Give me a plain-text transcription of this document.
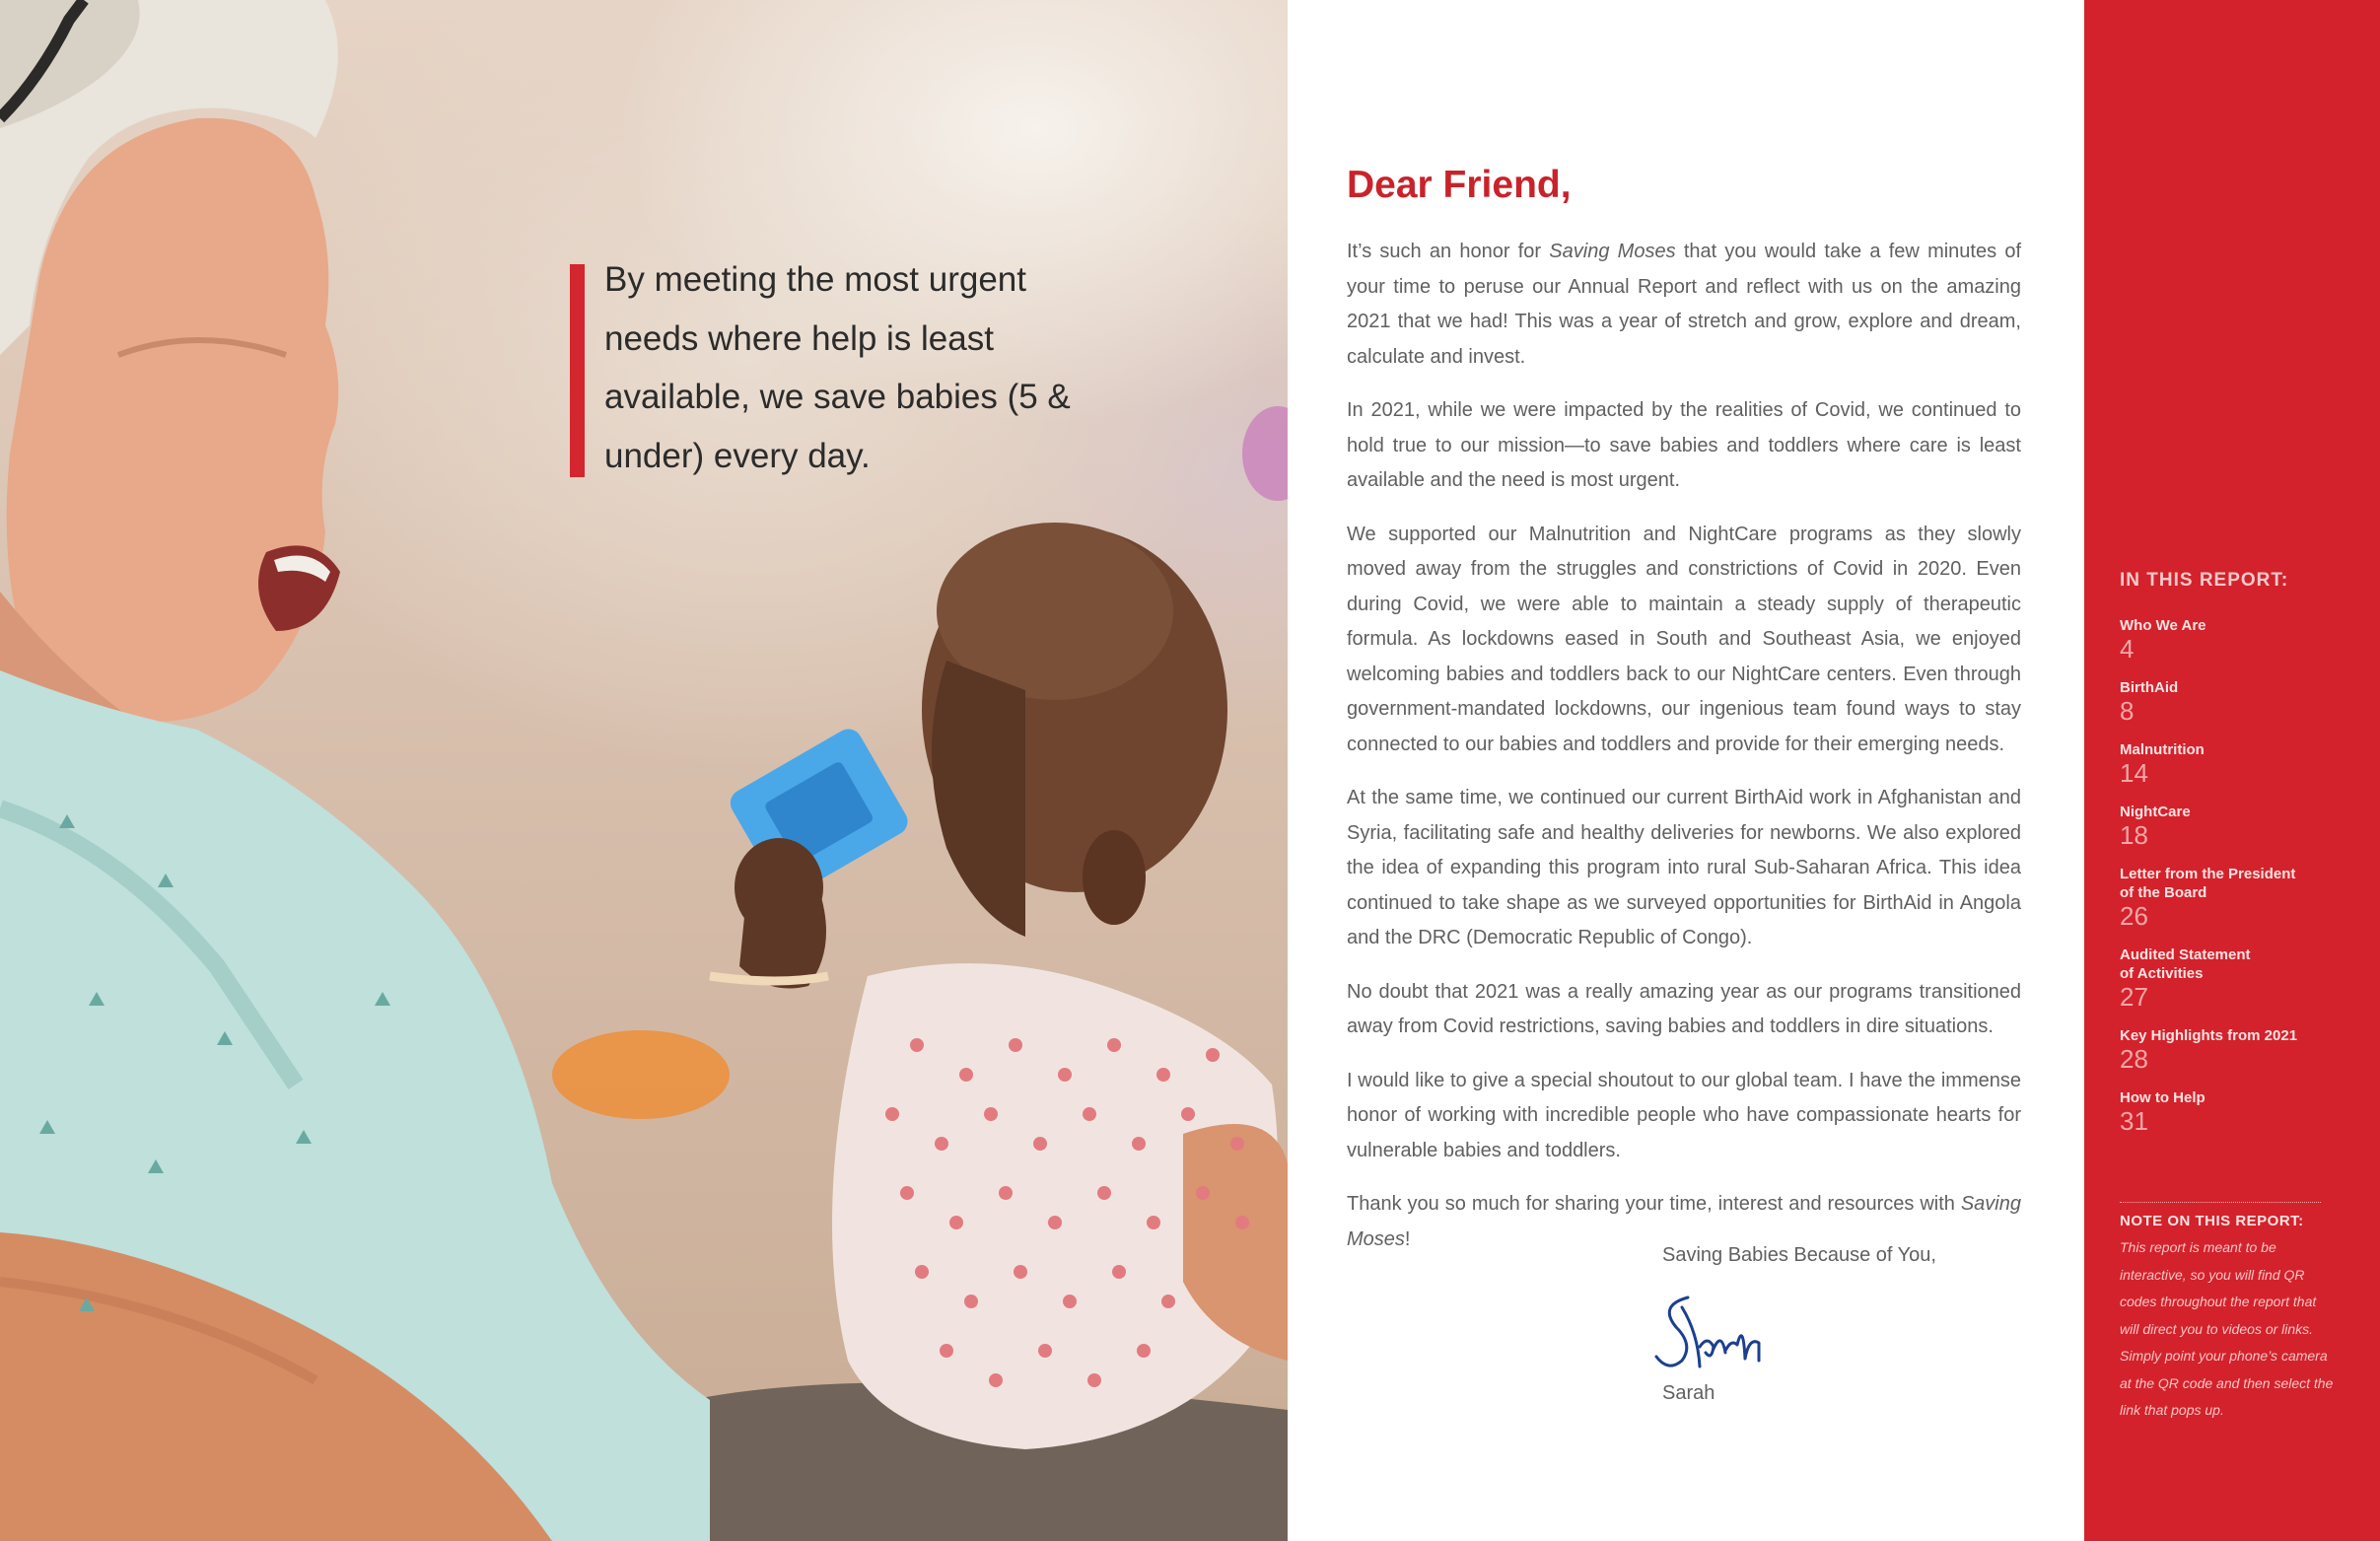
By meeting the most urgent needs where help is least available, we save babies (5 & under) every day.
Dear Friend,

It’s such an honor for Saving Moses that you would take a few minutes of your time to peruse our Annual Report and reflect with us on the amazing 2021 that we had! This was a year of stretch and grow, explore and dream, calculate and invest.

In 2021, while we were impacted by the realities of Covid, we continued to hold true to our mission—to save babies and toddlers where care is least available and the need is most urgent.

We supported our Malnutrition and NightCare programs as they slowly moved away from the struggles and constrictions of Covid in 2020. Even during Covid, we were able to maintain a steady supply of therapeutic formula. As lockdowns eased in South and Southeast Asia, we enjoyed welcoming babies and toddlers back to our NightCare centers. Even through government-mandated lockdowns, our ingenious team found ways to stay connected to our babies and toddlers and provide for their emerging needs.

At the same time, we continued our current BirthAid work in Afghanistan and Syria, facilitating safe and healthy deliveries for newborns. We also explored the idea of expanding this program into rural Sub-Saharan Africa. This idea continued to take shape as we surveyed opportunities for BirthAid in Angola and the DRC (Democratic Republic of Congo).

No doubt that 2021 was a really amazing year as our programs transitioned away from Covid restrictions, saving babies and toddlers in dire situations.

I would like to give a special shoutout to our global team. I have the immense honor of working with incredible people who have compassionate hearts for vulnerable babies and toddlers.

Thank you so much for sharing your time, interest and resources with Saving Moses!

Saving Babies Because of You,
Sarah
IN THIS REPORT:
Who We Are
4
BirthAid
8
Malnutrition
14
NightCare
18
Letter from the President
of the Board
26
Audited Statement
of Activities
27
Key Highlights from 2021
28
How to Help
31
NOTE ON THIS REPORT:
This report is meant to be interactive, so you will find QR codes throughout the report that will direct you to videos or links. Simply point your phone’s camera at the QR code and then select the link that pops up.
